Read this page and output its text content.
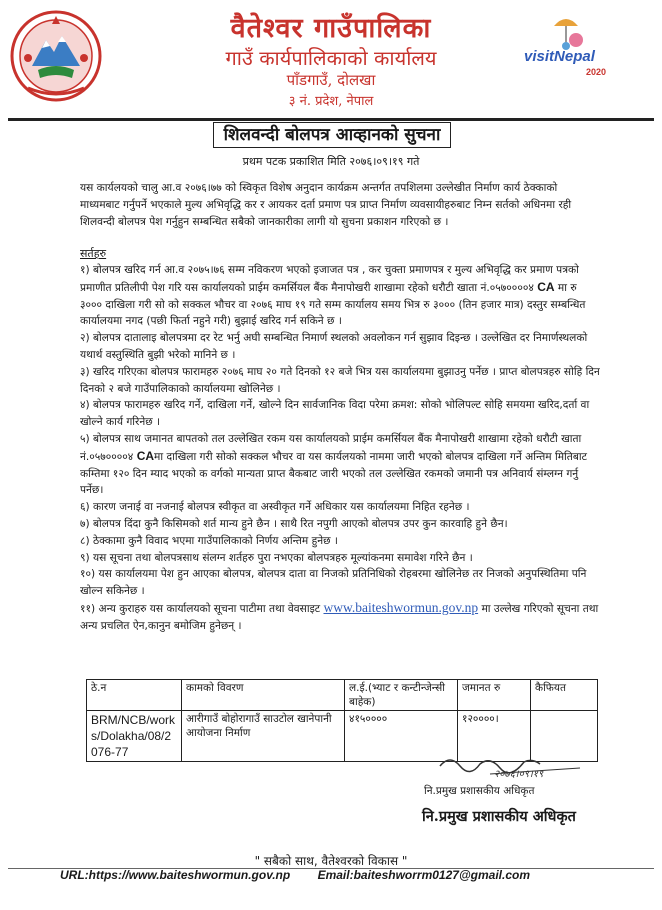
वैतेश्वर गाउँपालिका
गाउँ कार्यपालिकाको कार्यालय
पाँडगाउँ, दोलखा
३ नं. प्रदेश, नेपाल
visitNepal
2020
शिलवन्दी बोलपत्र आव्हानको सुचना
प्रथम पटक प्रकाशित मिति २०७६।०९।१९ गते
यस कार्यलयको चालु आ.व २०७६।७७ को स्विकृत विशेष अनुदान कार्यक्रम अन्तर्गत तपशिलमा उल्लेखीत निर्माण कार्य ठेक्काको माध्यमबाट गर्नुपर्ने भएकाले मुल्य अभिवृद्धि कर र आयकर दर्ता प्रमाण पत्र प्राप्त निर्माण व्यवसायीहरुबाट निम्न सर्तको अधिनमा रही शिलवन्दी बोलपत्र पेश गर्नुहुन सम्बन्धित सबैको जानकारीका लागी यो सुचना प्रकाशन गरिएको छ ।
सर्तहरु

१) बोलपत्र खरिद गर्न आ.व २०७५।७६ सम्म नविकरण भएको इजाजत पत्र , कर चुक्ता प्रमाणपत्र र मुल्य अभिवृद्धि कर प्रमाण पत्रको प्रमाणीत प्रतिलीपी पेश गरि यस कार्यालयको प्राईम कमर्सियल बैंक मैनापोखरी शाखामा रहेको धरौटी खाता नं.०५७००००४ CA मा रु ३००० दाखिला गरी सो को सक्कल भौचर वा २०७६ माघ १९ गते सम्म कार्यालय समय भित्र रु ३००० (तिन हजार मात्र) दस्तुर सम्बन्धित कार्यालयमा नगद (पछी फिर्ता नहुने गरी) बुझाई खरिद गर्न सकिने छ ।

२) बोलपत्र दातालाइ बोलपत्रमा दर रेट भर्नु अघी सम्बन्धित निमार्ण स्थलको अवलोकन गर्न सुझाव दिइन्छ । उल्लेखित दर निमार्णस्थलको यथार्थ वस्तुस्थिति बुझी भरेको मानिने छ ।

३) खरिद गरिएका बोलपत्र फारामहरु २०७६ माघ २० गते दिनको १२ बजे भित्र यस कार्यालयमा बुझाउनु पर्नेछ । प्राप्त बोलपत्रहरु सोहि दिन दिनको २ बजे गाउँपालिकाको कार्यालयमा खोलिनेछ ।

४) बोलपत्र फारामहरु खरिद गर्ने, दाखिला गर्ने, खोल्ने दिन सार्वजानिक विदा परेमा क्रमश: सोको भोलिपल्ट सोहि समयमा खरिद,दर्ता वा खोल्ने कार्य गरिनेछ ।

५) बोलपत्र साथ जमानत बापतको तल उल्लेखित रकम यस कार्यालयको प्राईम कमर्सियल बैंक मैनापोखरी शाखामा रहेको धरौटी खाता नं.०५७००००४ CAमा दाखिला गरी सोको सक्कल भौचर वा यस कार्यलयको नाममा जारी भएको बोलपत्र दाखिला गर्ने अन्तिम मितिबाट कम्तिमा १२० दिन म्याद भएको क वर्गको मान्यता प्राप्त बैकबाट जारी भएको तल उल्लेखित रकमको जमानी पत्र अनिवार्य संम्लग्न गर्नु पर्नेछ।

६) कारण जनाई वा नजनाई बोलपत्र स्वीकृत वा अस्वीकृत गर्ने अधिकार यस कार्यालयमा निहित रहनेछ ।

७) बोलपत्र दिंदा कुनै किसिमको शर्त मान्य हुने छैन । साथै रित नपुगी आएको बोलपत्र उपर कुन कारवाहि हुने छैन।

८) ठेक्कामा कुनै विवाद भएमा गाउँपालिकाको निर्णय अन्तिम हुनेछ ।

९) यस सूचना तथा बोलपत्रसाथ संलग्न शर्तहरु पुरा नभएका बोलपत्रहरु मूल्यांकनमा समावेश गरिने छैन ।

१०) यस कार्यालयमा पेश हुन आएका बोलपत्र, बोलपत्र दाता वा निजको प्रतिनिधिको रोहबरमा खोलिनेछ तर निजको अनुपस्थितिमा पनि खोल्न सकिनेछ ।

११) अन्य कुराहरु यस कार्यालयको सूचना पाटीमा तथा वेवसाइट www.baiteshwormun.gov.np मा उल्लेख गरिएको सूचना तथा अन्य प्रचलित ऐन,कानुन बमोजिम हुनेछन् ।

ठे.न	कामको विवरण	ल.ई.(भ्याट र कन्टीन्जेन्सी बाहेक)	जमानत रु	कैफियत
BRM/NCB/works/Dolakha/08/2076-77	आरीगाउँ बोहोरागाउँ साउटोल खानेपानी आयोजना निर्माण	४१५००००	१२००००।	
२०७६।०९।१९
नि.प्रमुख प्रशासकीय अधिकृत
नि.प्रमुख प्रशासकीय अधिकृत
" सबैको साथ, वैतेश्वरको विकास "
URL:https://www.baiteshwormun.gov.np Email:baiteshworrm0127@gmail.com
